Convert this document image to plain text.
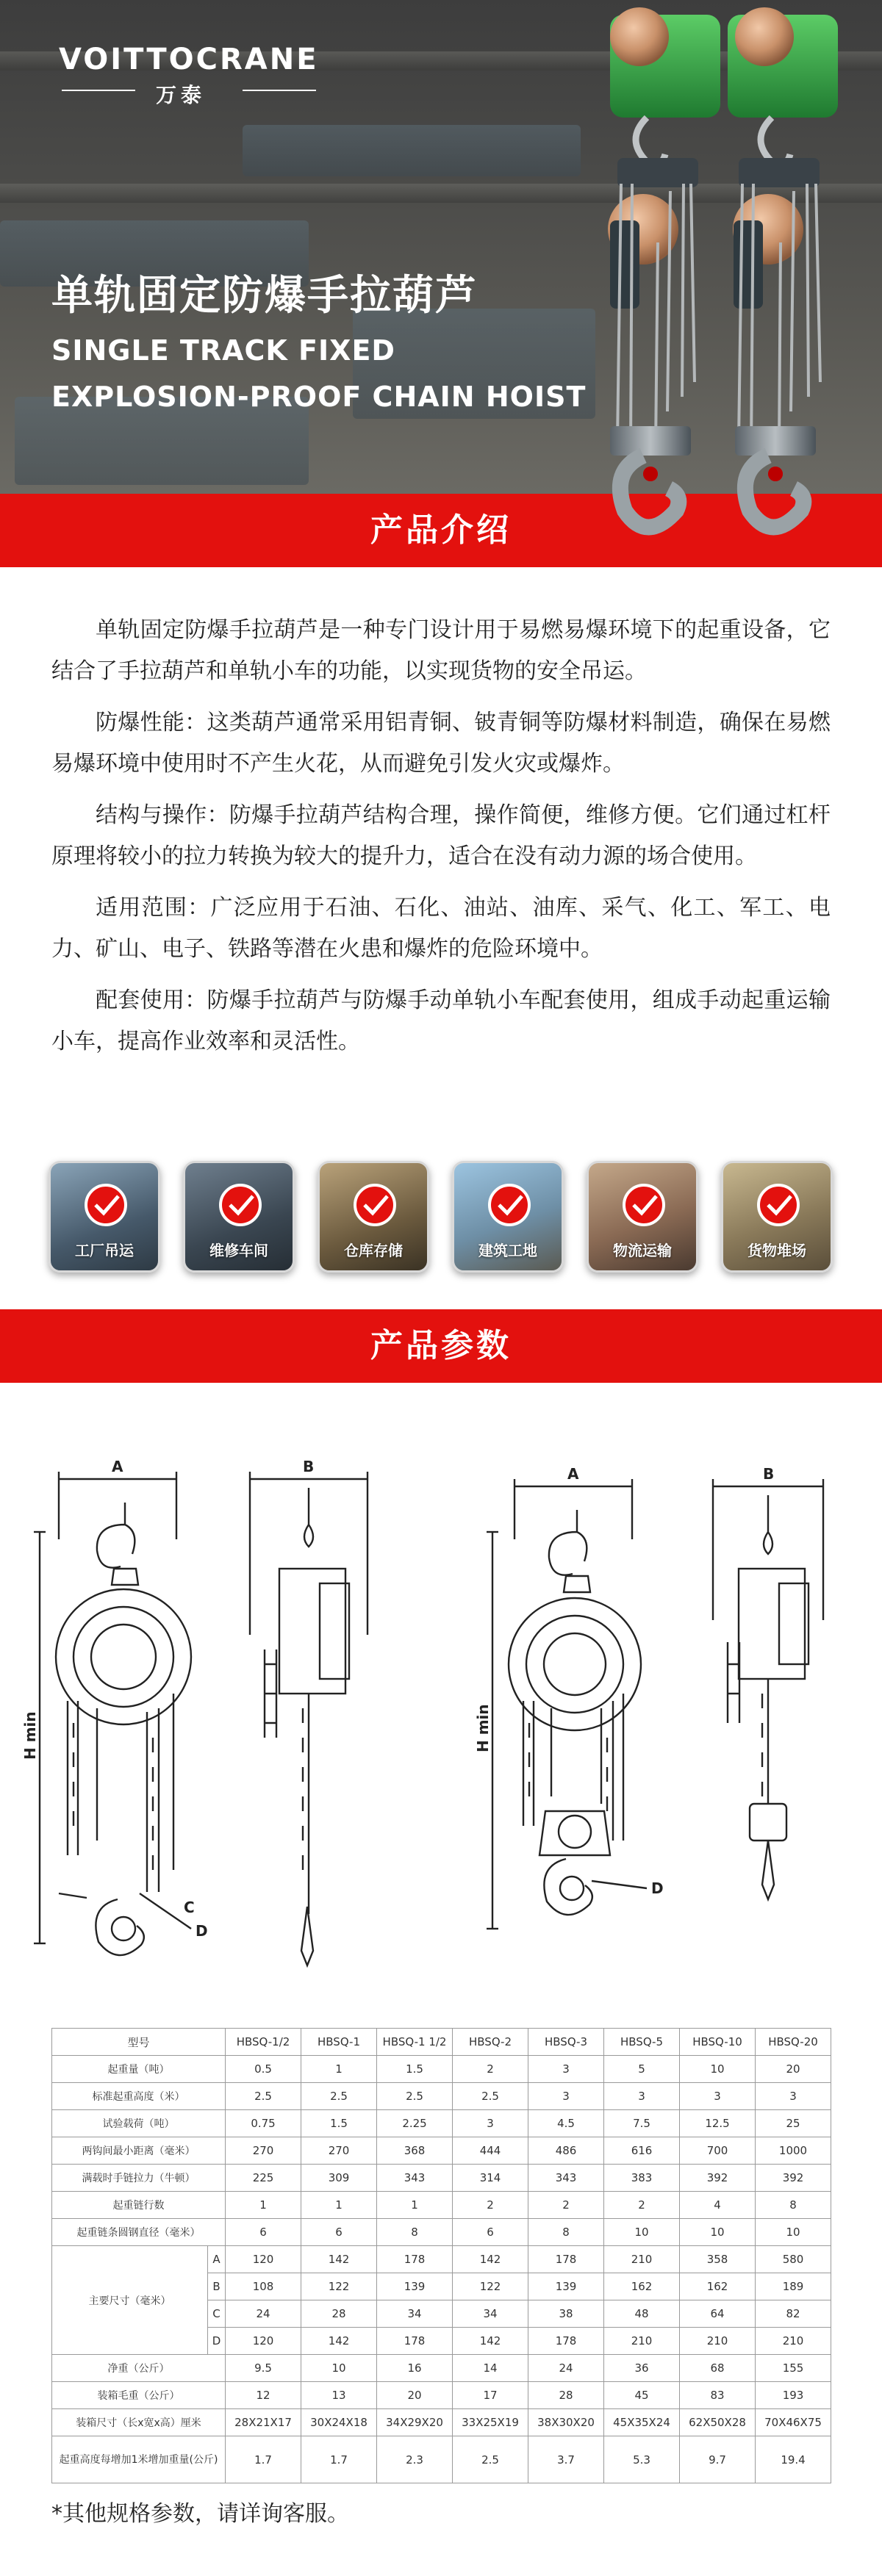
VOITTOCRANE
万泰
单轨固定防爆手拉葫芦
SINGLE TRACK FIXED
EXPLOSION-PROOF CHAIN HOIST
产品介绍

单轨固定防爆手拉葫芦是一种专门设计用于易燃易爆环境下的起重设备，它结合了手拉葫芦和单轨小车的功能，以实现货物的安全吊运。

防爆性能：这类葫芦通常采用铝青铜、铍青铜等防爆材料制造，确保在易燃易爆环境中使用时不产生火花，从而避免引发火灾或爆炸。

结构与操作：防爆手拉葫芦结构合理，操作简便，维修方便。它们通过杠杆原理将较小的拉力转换为较大的提升力，适合在没有动力源的场合使用。

适用范围：广泛应用于石油、石化、油站、油库、采气、化工、军工、电力、矿山、电子、铁路等潜在火患和爆炸的危险环境中。

配套使用：防爆手拉葫芦与防爆手动单轨小车配套使用，组成手动起重运输小车，提高作业效率和灵活性。

工厂吊运	维修车间	仓库存储	建筑工地	物流运输	货物堆场
产品参数
A	B
C
D
H min
A	B
D
H min
型号		HBSQ-1/2	HBSQ-1	HBSQ-1 1/2	HBSQ-2	HBSQ-3	HBSQ-5	HBSQ-10	HBSQ-20
起重量（吨）		0.5	1	1.5	2	3	5	10	20
标准起重高度（米）		2.5	2.5	2.5	2.5	3	3	3	3
试验载荷（吨）		0.75	1.5	2.25	3	4.5	7.5	12.5	25
两钩间最小距离（毫米）		270	270	368	444	486	616	700	1000
满载时手链拉力（牛顿）		225	309	343	314	343	383	392	392
起重链行数		1	1	1	2	2	2	4	8
起重链条圆钢直径（毫米）		6	6	8	6	8	10	10	10
主要尺寸（毫米）	A	120	142	178	142	178	210	358	580
	B	108	122	139	122	139	162	162	189
	C	24	28	34	34	38	48	64	82
	D	120	142	178	142	178	210	210	210
净重（公斤）		9.5	10	16	14	24	36	68	155
装箱毛重（公斤）		12	13	20	17	28	45	83	193
装箱尺寸（长x宽x高）厘米		28X21X17	30X24X18	34X29X20	33X25X19	38X30X20	45X35X24	62X50X28	70X46X75
起重高度每增加1米增加重量(公斤)		1.7	1.7	2.3	2.5	3.7	5.3	9.7	19.4
*其他规格参数，请详询客服。
